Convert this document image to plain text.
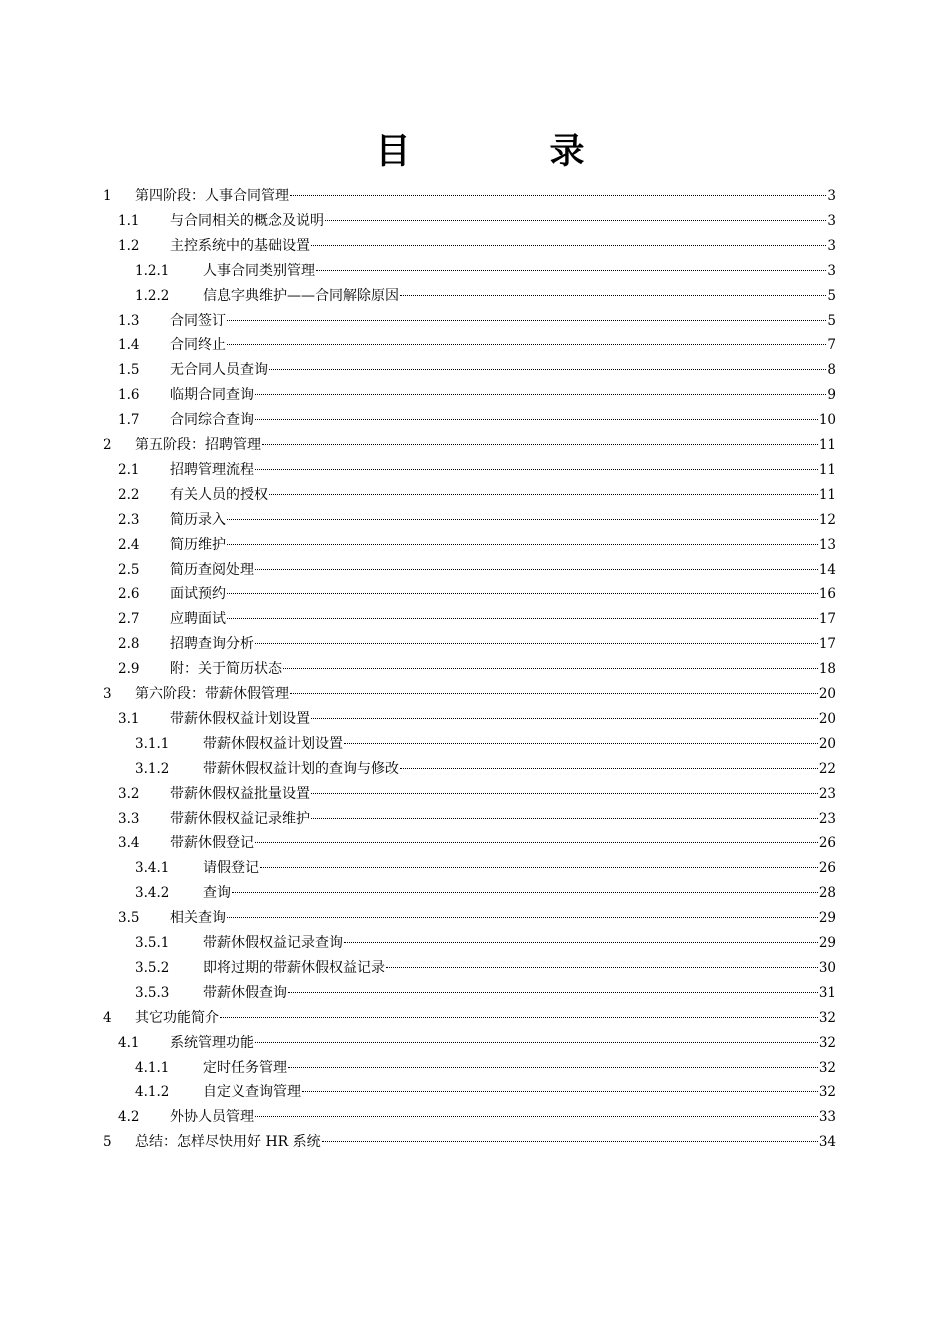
目　录
1 第四阶段：人事合同管理	3
1.1 与合同相关的概念及说明	3
1.2 主控系统中的基础设置	3
1.2.1 人事合同类别管理	3
1.2.2 信息字典维护——合同解除原因	5
1.3 合同签订	5
1.4 合同终止	7
1.5 无合同人员查询	8
1.6 临期合同查询	9
1.7 合同综合查询	10
2 第五阶段：招聘管理	11
2.1 招聘管理流程	11
2.2 有关人员的授权	11
2.3 简历录入	12
2.4 简历维护	13
2.5 简历查阅处理	14
2.6 面试预约	16
2.7 应聘面试	17
2.8 招聘查询分析	17
2.9 附：关于简历状态	18
3 第六阶段：带薪休假管理	20
3.1 带薪休假权益计划设置	20
3.1.1 带薪休假权益计划设置	20
3.1.2 带薪休假权益计划的查询与修改	22
3.2 带薪休假权益批量设置	23
3.3 带薪休假权益记录维护	23
3.4 带薪休假登记	26
3.4.1 请假登记	26
3.4.2 查询	28
3.5 相关查询	29
3.5.1 带薪休假权益记录查询	29
3.5.2 即将过期的带薪休假权益记录	30
3.5.3 带薪休假查询	31
4 其它功能简介	32
4.1 系统管理功能	32
4.1.1 定时任务管理	32
4.1.2 自定义查询管理	32
4.2 外协人员管理	33
5 总结：怎样尽快用好 HR 系统	34
